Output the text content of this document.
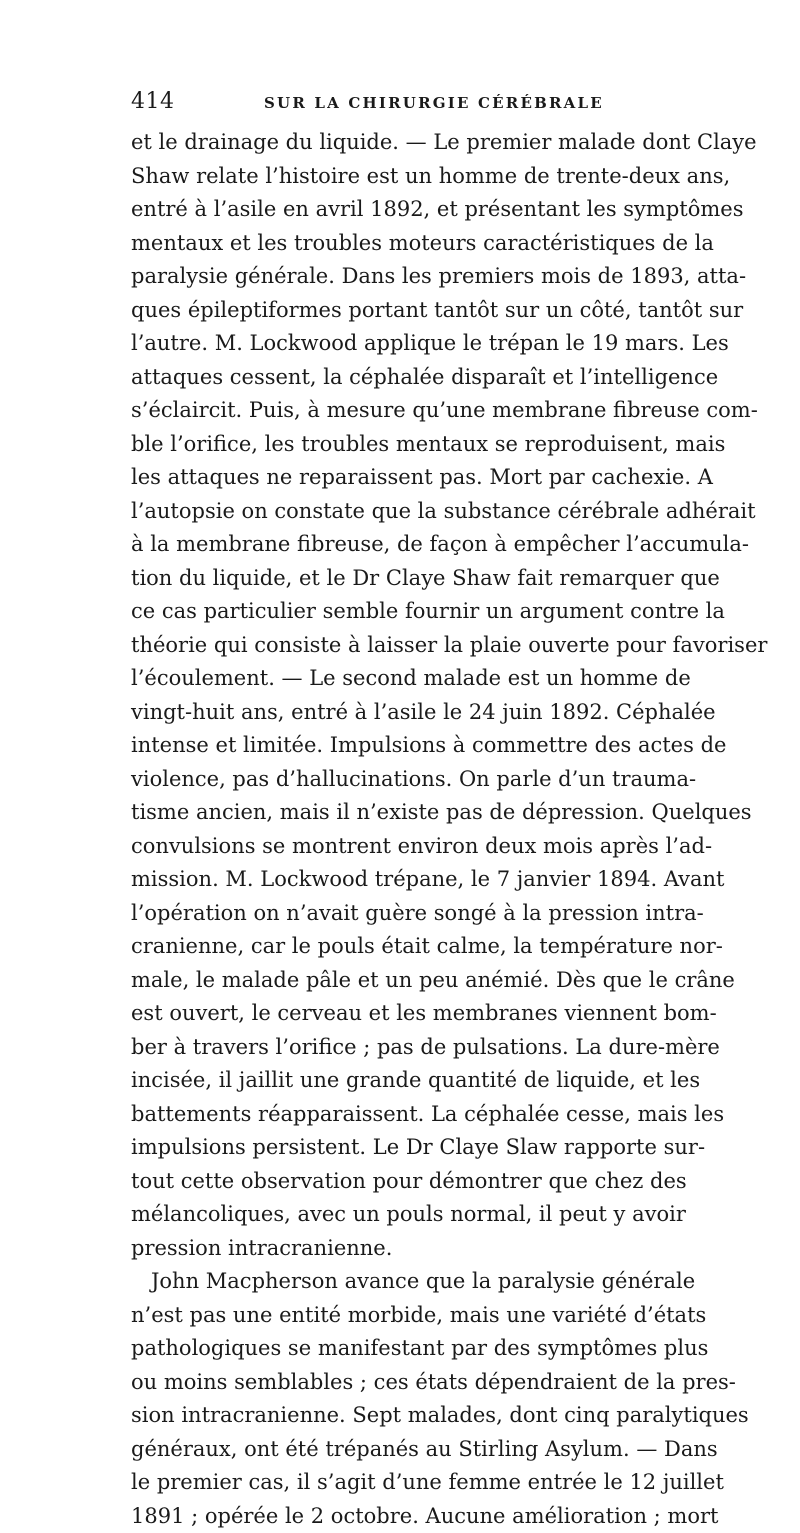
414	SUR LA CHIRURGIE CÉRÉBRALE
et le drainage du liquide. — Le premier malade dont Claye
Shaw relate l’histoire est un homme de trente-deux ans,
entré à l’asile en avril 1892, et présentant les symptômes
mentaux et les troubles moteurs caractéristiques de la
paralysie générale. Dans les premiers mois de 1893, atta-
ques épileptiformes portant tantôt sur un côté, tantôt sur
l’autre. M. Lockwood applique le trépan le 19 mars. Les
attaques cessent, la céphalée disparaît et l’intelligence
s’éclaircit. Puis, à mesure qu’une membrane fibreuse com-
ble l’orifice, les troubles mentaux se reproduisent, mais
les attaques ne reparaissent pas. Mort par cachexie. A
l’autopsie on constate que la substance cérébrale adhérait
à la membrane fibreuse, de façon à empêcher l’accumula-
tion du liquide, et le Dr Claye Shaw fait remarquer que
ce cas particulier semble fournir un argument contre la
théorie qui consiste à laisser la plaie ouverte pour favoriser
l’écoulement. — Le second malade est un homme de
vingt-huit ans, entré à l’asile le 24 juin 1892. Céphalée
intense et limitée. Impulsions à commettre des actes de
violence, pas d’hallucinations. On parle d’un trauma-
tisme ancien, mais il n’existe pas de dépression. Quelques
convulsions se montrent environ deux mois après l’ad-
mission. M. Lockwood trépane, le 7 janvier 1894. Avant
l’opération on n’avait guère songé à la pression intra-
cranienne, car le pouls était calme, la température nor-
male, le malade pâle et un peu anémié. Dès que le crâne
est ouvert, le cerveau et les membranes viennent bom-
ber à travers l’orifice ; pas de pulsations. La dure-mère
incisée, il jaillit une grande quantité de liquide, et les
battements réapparaissent. La céphalée cesse, mais les
impulsions persistent. Le Dr Claye Slaw rapporte sur-
tout cette observation pour démontrer que chez des
mélancoliques, avec un pouls normal, il peut y avoir
pression intracranienne.
John Macpherson avance que la paralysie générale
n’est pas une entité morbide, mais une variété d’états
pathologiques se manifestant par des symptômes plus
ou moins semblables ; ces états dépendraient de la pres-
sion intracranienne. Sept malades, dont cinq paralytiques
généraux, ont été trépanés au Stirling Asylum. — Dans
le premier cas, il s’agit d’une femme entrée le 12 juillet
1891 ; opérée le 2 octobre. Aucune amélioration ; mort
